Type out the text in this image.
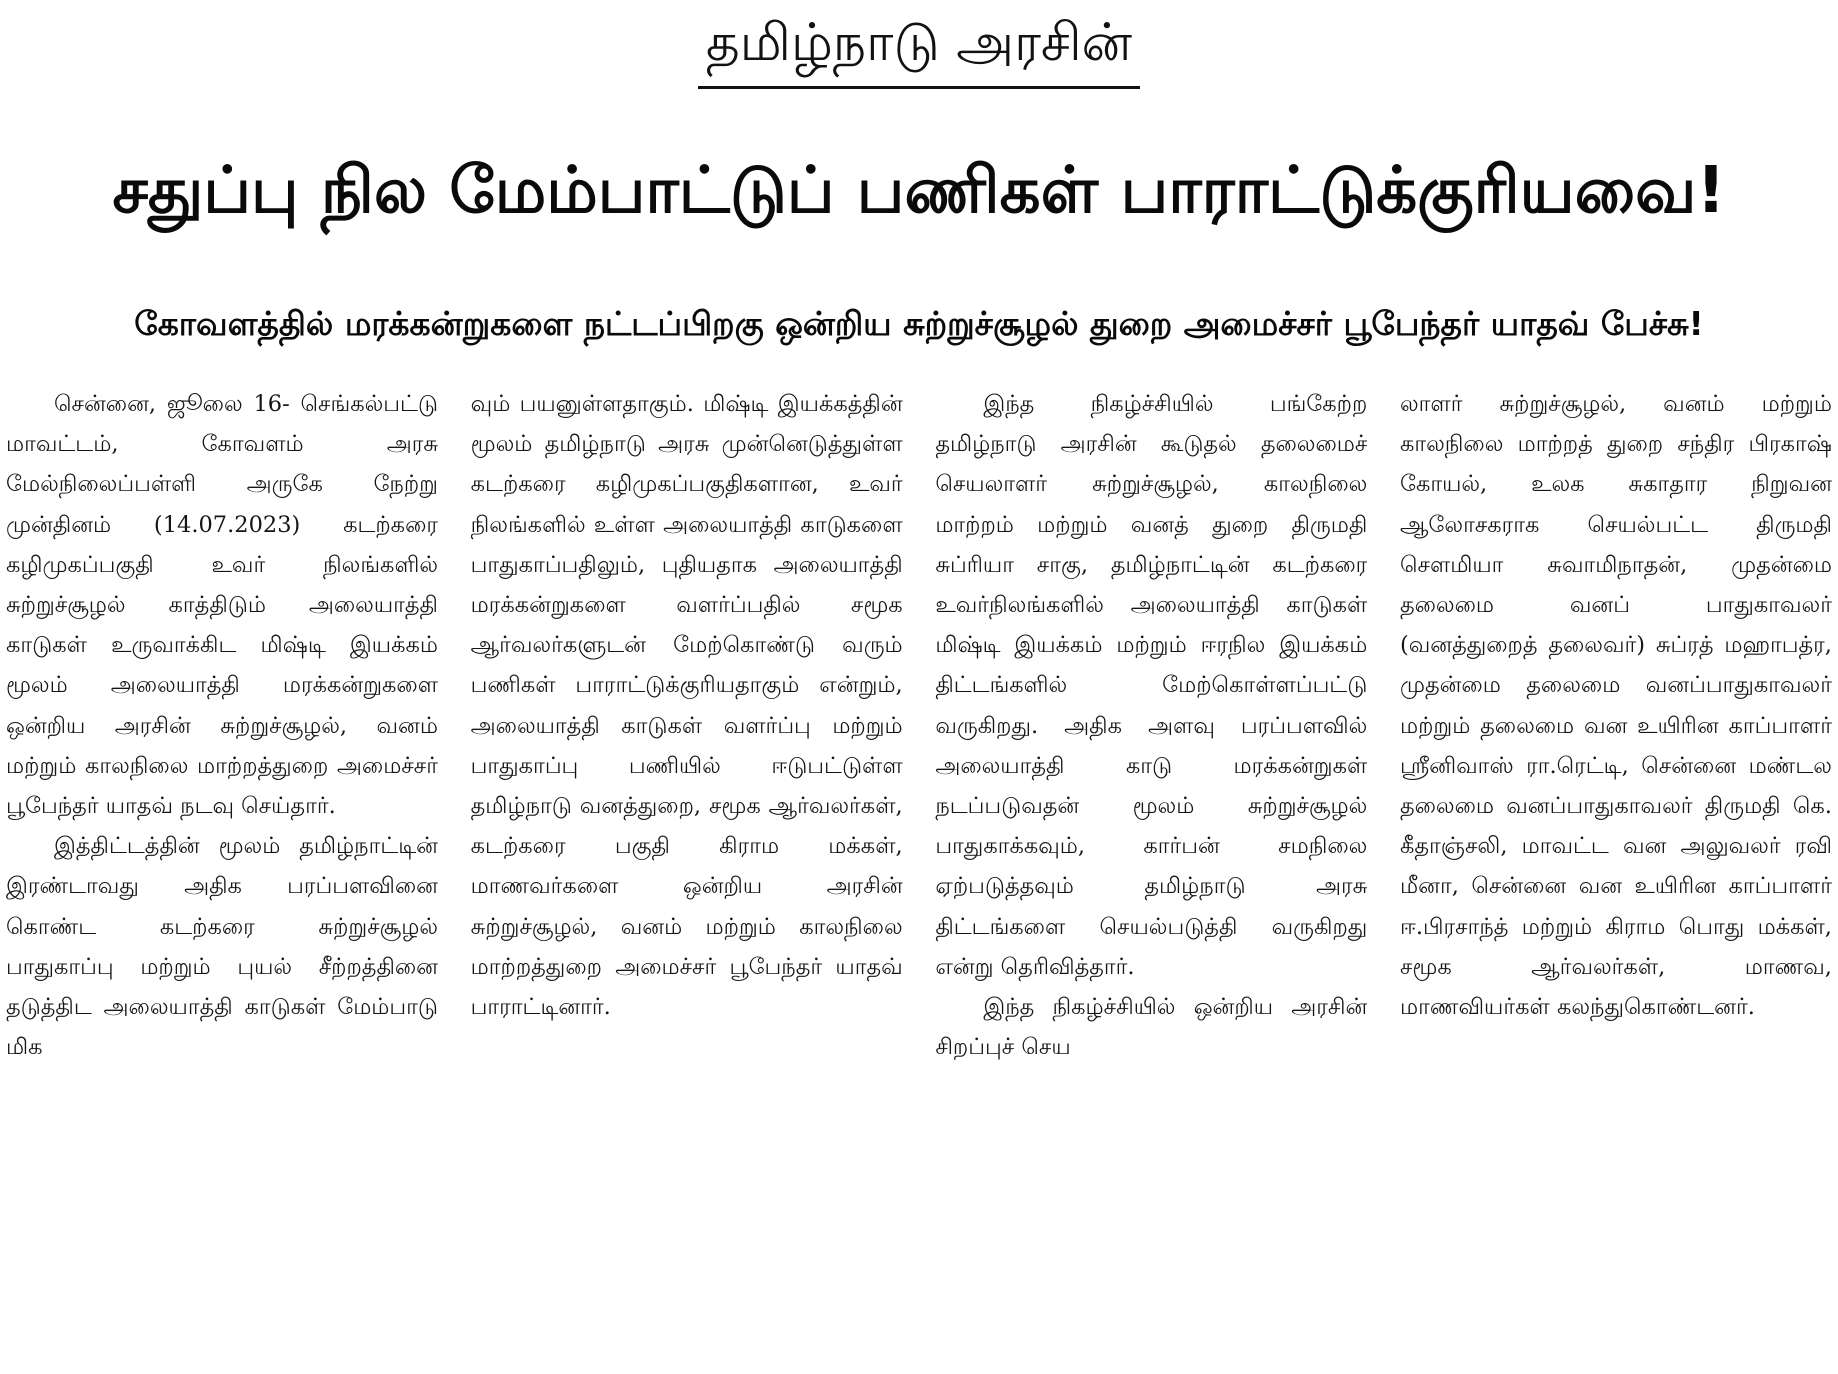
தமிழ்நாடு அரசின்
சதுப்பு நில மேம்பாட்டுப் பணிகள் பாராட்டுக்குரியவை!
கோவளத்தில் மரக்கன்றுகளை நட்டப்பிறகு ஒன்றிய சுற்றுச்சூழல் துறை அமைச்சர் பூபேந்தர் யாதவ் பேச்சு!

சென்னை, ஜூலை 16- செங்கல்பட்டு மாவட்டம், கோவளம் அரசு மேல்நிலைப்பள்ளி அருகே நேற்று முன்தினம் (14.07.2023) கடற்கரை கழிமுகப்பகுதி உவர் நிலங்களில் சுற்றுச்சூழல் காத்திடும் அலையாத்தி காடுகள் உருவாக்கிட மிஷ்டி இயக்கம் மூலம் அலையாத்தி மரக்கன்றுகளை ஒன்றிய அரசின் சுற்றுச்சூழல், வனம் மற்றும் காலநிலை மாற்றத்துறை அமைச்சர் பூபேந்தர் யாதவ் நடவு செய்தார்.

இத்திட்டத்தின் மூலம் தமிழ்நாட்டின் இரண்டாவது அதிக பரப்பளவினை கொண்ட கடற்கரை சுற்றுச்சூழல் பாதுகாப்பு மற்றும் புயல் சீற்றத்தினை தடுத்திட அலையாத்தி காடுகள் மேம்பாடு மிக

வும் பயனுள்ளதாகும். மிஷ்டி இயக்கத்தின் மூலம் தமிழ்நாடு அரசு முன்னெடுத்துள்ள கடற்கரை கழிமுகப்பகுதிகளான, உவர் நிலங்களில் உள்ள அலையாத்தி காடுகளை பாதுகாப்பதிலும், புதியதாக அலையாத்தி மரக்கன்றுகளை வளர்ப்பதில் சமூக ஆர்வலர்களுடன் மேற்கொண்டு வரும் பணிகள் பாராட்டுக்குரியதாகும் என்றும், அலையாத்தி காடுகள் வளர்ப்பு மற்றும் பாதுகாப்பு பணியில் ஈடுபட்டுள்ள தமிழ்நாடு வனத்துறை, சமூக ஆர்வலர்கள், கடற்கரை பகுதி கிராம மக்கள், மாணவர்களை ஒன்றிய அரசின் சுற்றுச்சூழல், வனம் மற்றும் காலநிலை மாற்றத்துறை அமைச்சர் பூபேந்தர் யாதவ் பாராட்டினார்.

இந்த நிகழ்ச்சியில் பங்கேற்ற தமிழ்நாடு அரசின் கூடுதல் தலைமைச் செயலாளர் சுற்றுச்சூழல், காலநிலை மாற்றம் மற்றும் வனத் துறை திருமதி சுப்ரியா சாகு, தமிழ்நாட்டின் கடற்கரை உவர்நிலங்களில் அலையாத்தி காடுகள் மிஷ்டி இயக்கம் மற்றும் ஈரநில இயக்கம் திட்டங்களில் மேற்கொள்ளப்பட்டு வருகிறது. அதிக அளவு பரப்பளவில் அலையாத்தி காடு மரக்கன்றுகள் நடப்படுவதன் மூலம் சுற்றுச்சூழல் பாதுகாக்கவும், கார்பன் சமநிலை ஏற்படுத்தவும் தமிழ்நாடு அரசு திட்டங்களை செயல்படுத்தி வருகிறது என்று தெரிவித்தார்.

இந்த நிகழ்ச்சியில் ஒன்றிய அரசின் சிறப்புச் செய

லாளர் சுற்றுச்சூழல், வனம் மற்றும் காலநிலை மாற்றத் துறை சந்திர பிரகாஷ் கோயல், உலக சுகாதார நிறுவன ஆலோசகராக செயல்பட்ட திருமதி சௌமியா சுவாமிநாதன், முதன்மை தலைமை வனப் பாதுகாவலர் (வனத்துறைத் தலைவர்) சுப்ரத் மஹாபத்ர, முதன்மை தலைமை வனப்பாதுகாவலர் மற்றும் தலைமை வன உயிரின காப்பாளர் ஸ்ரீனிவாஸ் ரா.ரெட்டி, சென்னை மண்டல தலைமை வனப்பாதுகாவலர் திருமதி கெ. கீதாஞ்சலி, மாவட்ட வன அலுவலர் ரவி மீனா, சென்னை வன உயிரின காப்பாளர் ஈ.பிரசாந்த் மற்றும் கிராம பொது மக்கள், சமூக ஆர்வலர்கள், மாணவ, மாணவியர்கள் கலந்துகொண்டனர்.
